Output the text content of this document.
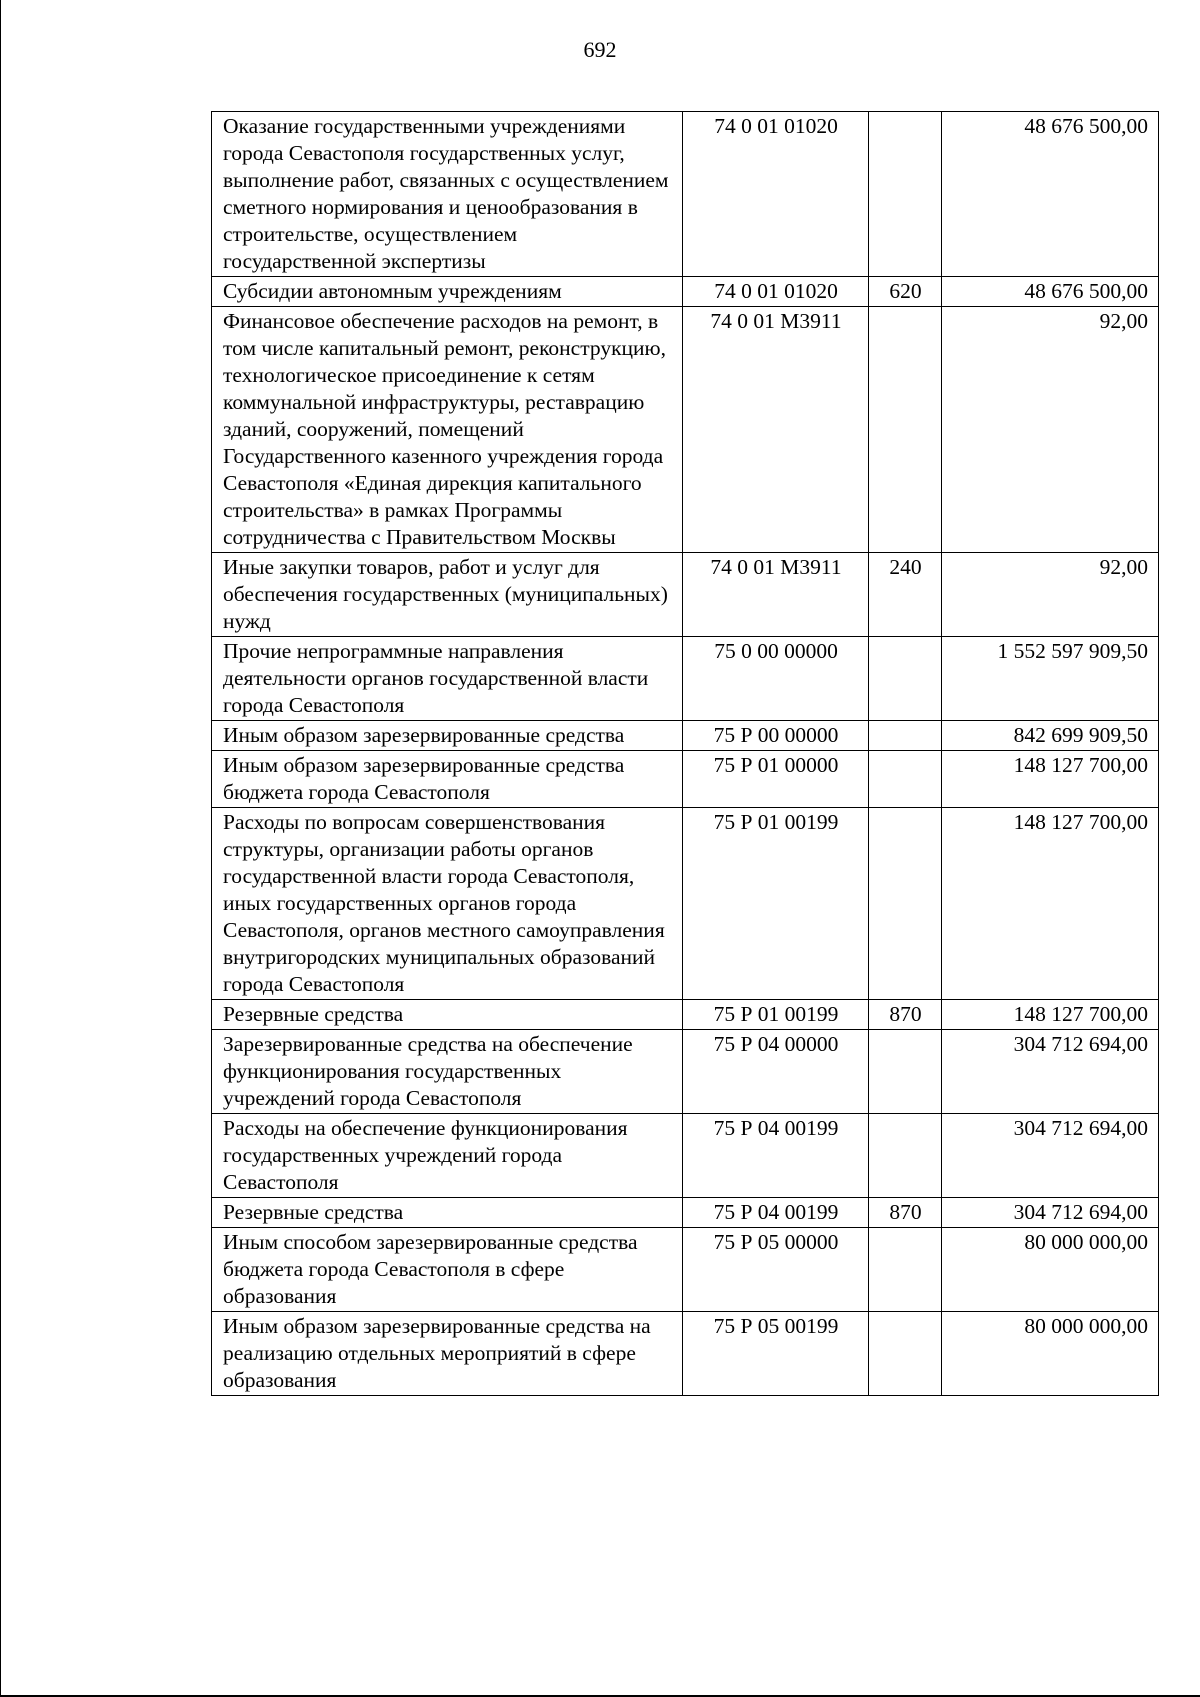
692
Оказание государственными учреждениями города Севастополя государственных услуг, выполнение работ, связанных с осуществлением сметного нормирования и ценообразования в строительстве, осуществлением государственной экспертизы	74 0 01 01020		48 676 500,00
Субсидии автономным учреждениям	74 0 01 01020	620	48 676 500,00
Финансовое обеспечение расходов на ремонт, в том числе капитальный ремонт, реконструкцию, технологическое присоединение к сетям коммунальной инфраструктуры, реставрацию зданий, сооружений, помещений Государственного казенного учреждения города Севастополя «Единая дирекция капитального строительства» в рамках Программы сотрудничества с Правительством Москвы	74 0 01 М3911		92,00
Иные закупки товаров, работ и услуг для обеспечения государственных (муниципальных) нужд	74 0 01 М3911	240	92,00
Прочие непрограммные направления деятельности органов государственной власти города Севастополя	75 0 00 00000		1 552 597 909,50
Иным образом зарезервированные средства	75 Р 00 00000		842 699 909,50
Иным образом зарезервированные средства бюджета города Севастополя	75 Р 01 00000		148 127 700,00
Расходы по вопросам совершенствования структуры, организации работы органов государственной власти города Севастополя, иных государственных органов города Севастополя, органов местного самоуправления внутригородских муниципальных образований города Севастополя	75 Р 01 00199		148 127 700,00
Резервные средства	75 Р 01 00199	870	148 127 700,00
Зарезервированные средства на обеспечение функционирования государственных учреждений города Севастополя	75 Р 04 00000		304 712 694,00
Расходы на обеспечение функционирования государственных учреждений города Севастополя	75 Р 04 00199		304 712 694,00
Резервные средства	75 Р 04 00199	870	304 712 694,00
Иным способом зарезервированные средства бюджета города Севастополя в сфере образования	75 Р 05 00000		80 000 000,00
Иным образом зарезервированные средства на реализацию отдельных мероприятий в сфере образования	75 Р 05 00199		80 000 000,00
